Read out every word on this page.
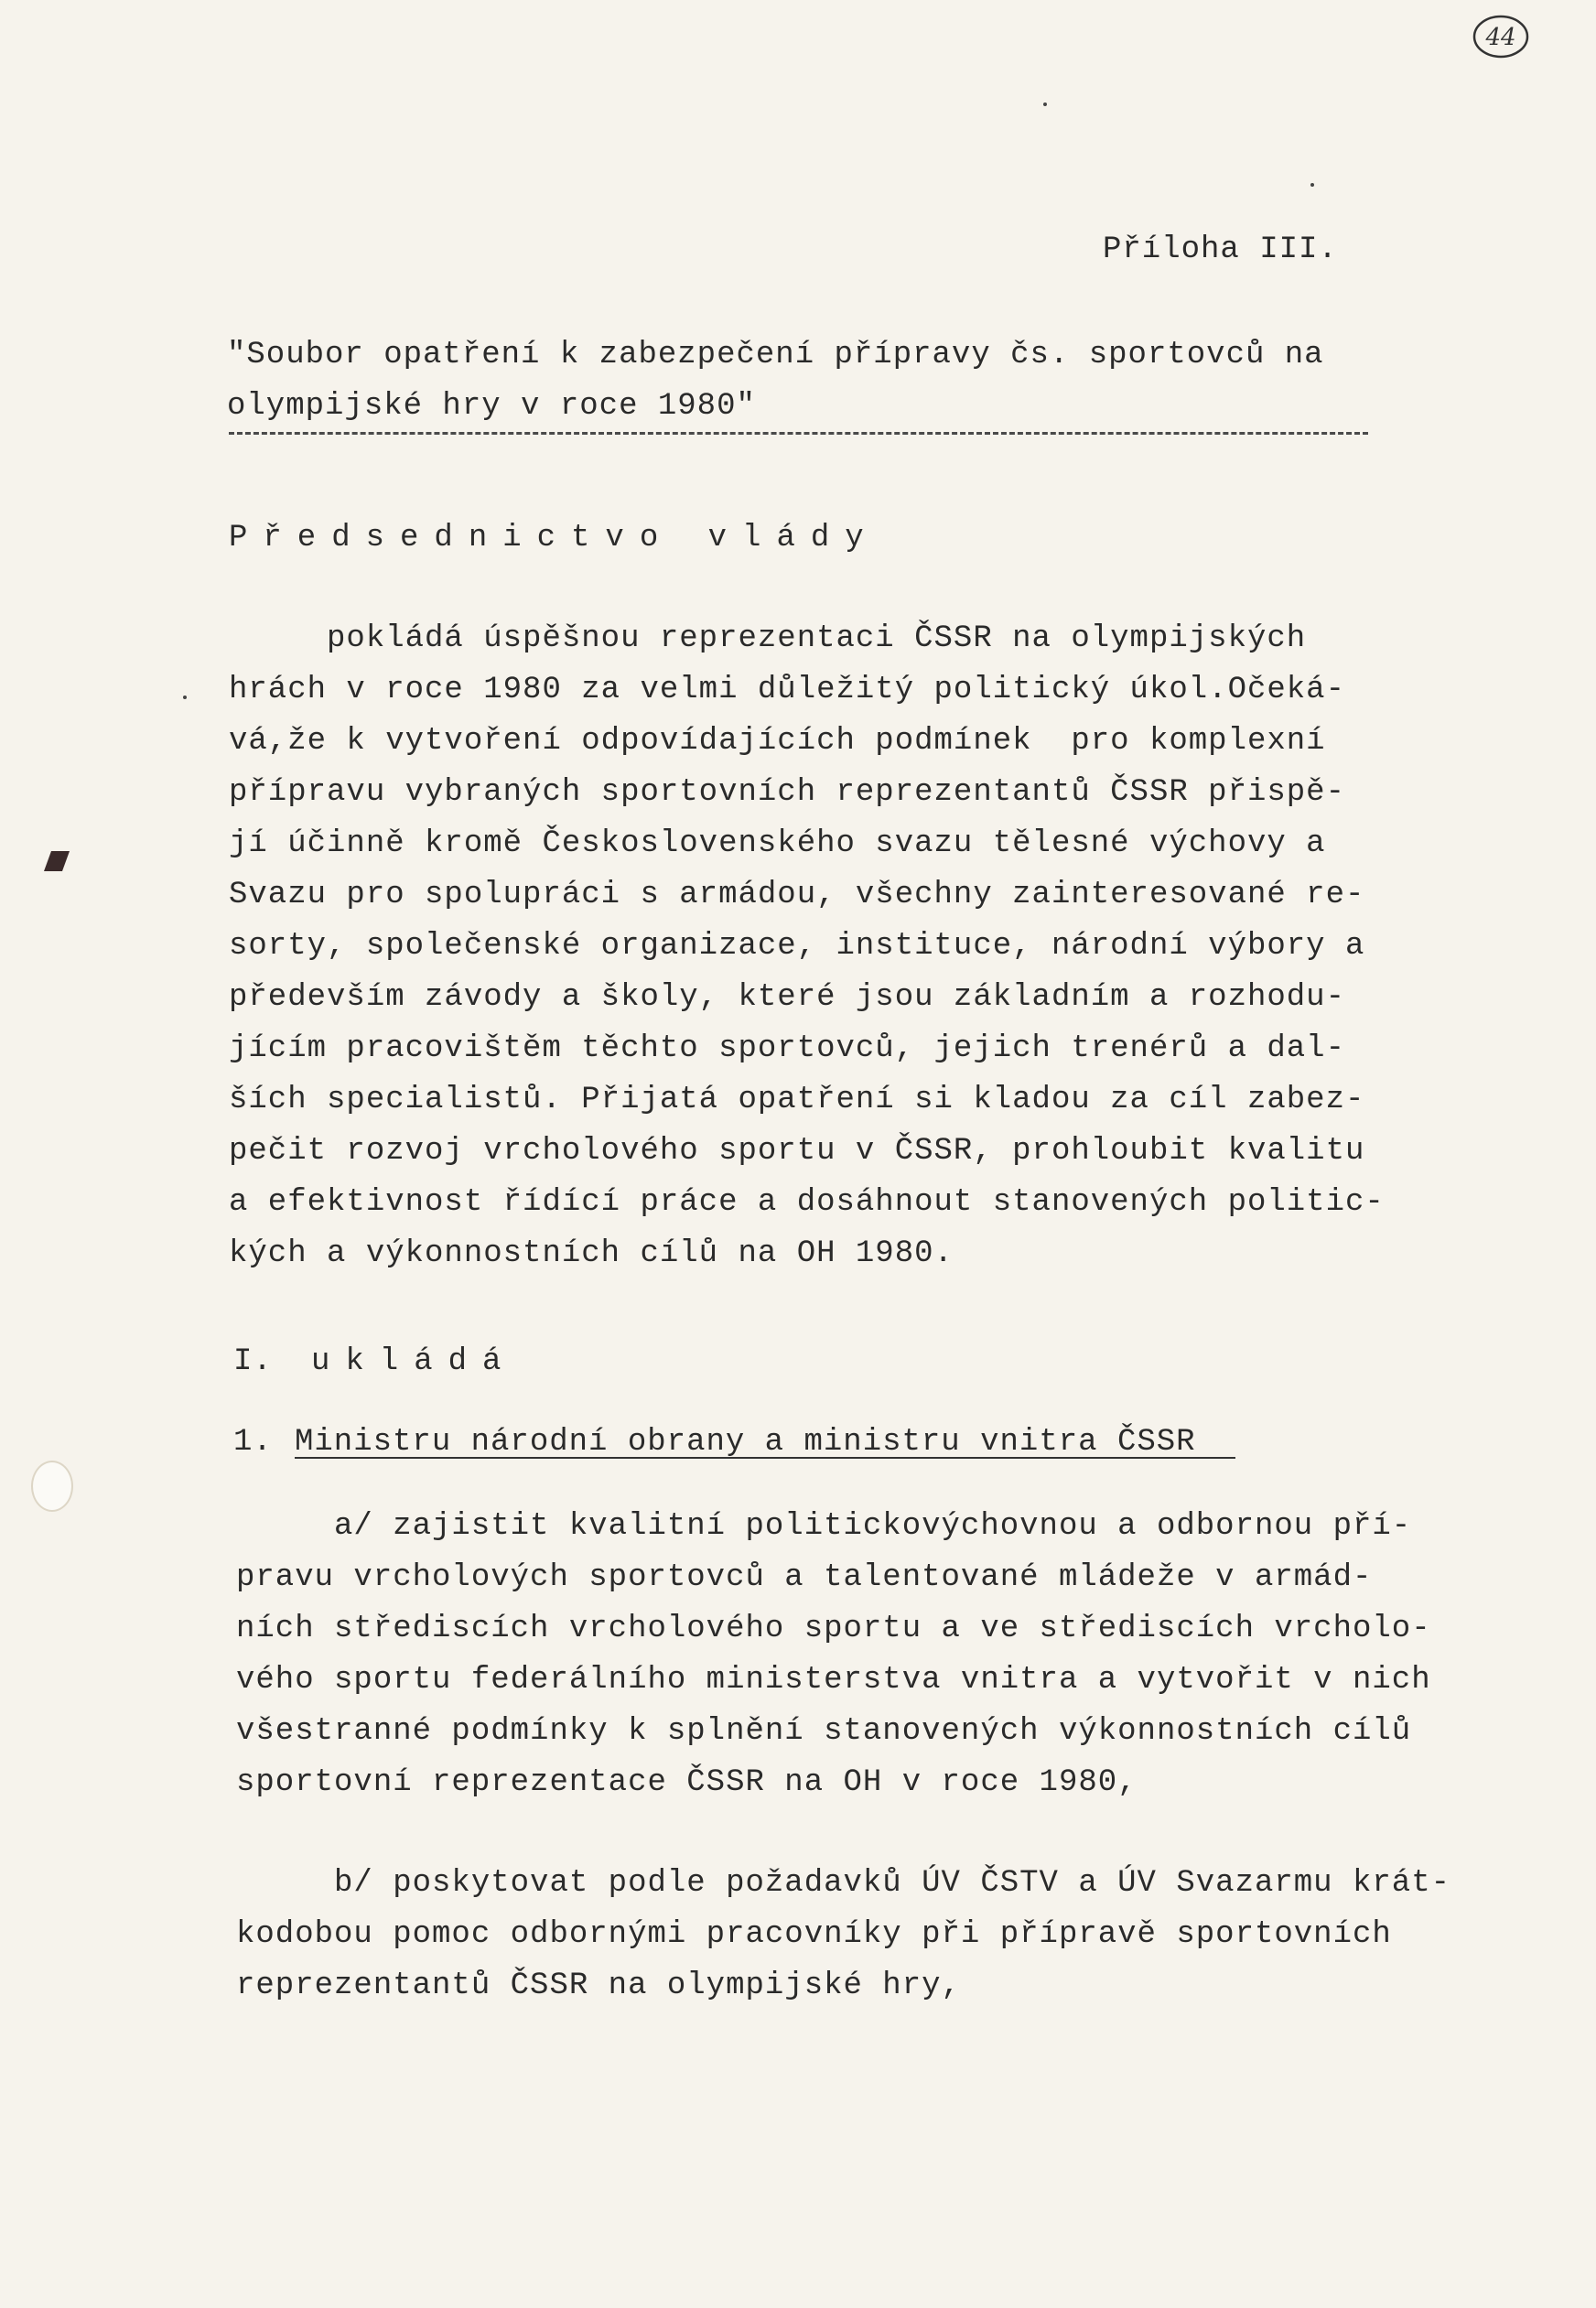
44
Příloha III.
"Soubor opatření k zabezpečení přípravy čs. sportovců na
olympijské hry v roce 1980"
Předsednictvo vlády
pokládá úspěšnou reprezentaci ČSSR na olympijských
hrách v roce 1980 za velmi důležitý politický úkol.Očeká-
vá,že k vytvoření odpovídajících podmínek  pro komplexní
přípravu vybraných sportovních reprezentantů ČSSR přispě-
jí účinně kromě Československého svazu tělesné výchovy a
Svazu pro spolupráci s armádou, všechny zainteresované re-
sorty, společenské organizace, instituce, národní výbory a
především závody a školy, které jsou základním a rozhodu-
jícím pracovištěm těchto sportovců, jejich trenérů a dal-
ších specialistů. Přijatá opatření si kladou za cíl zabez-
pečit rozvoj vrcholového sportu v ČSSR, prohloubit kvalitu
a efektivnost řídící práce a dosáhnout stanovených politic-
kých a výkonnostních cílů na OH 1980.
I. ukládá
1. Ministru národní obrany a ministru vnitra ČSSR
a/ zajistit kvalitní politickovýchovnou a odbornou pří-
pravu vrcholových sportovců a talentované mládeže v armád-
ních střediscích vrcholového sportu a ve střediscích vrcholo-
vého sportu federálního ministerstva vnitra a vytvořit v nich
všestranné podmínky k splnění stanovených výkonnostních cílů
sportovní reprezentace ČSSR na OH v roce 1980,
b/ poskytovat podle požadavků ÚV ČSTV a ÚV Svazarmu krát-
kodobou pomoc odbornými pracovníky při přípravě sportovních
reprezentantů ČSSR na olympijské hry,
